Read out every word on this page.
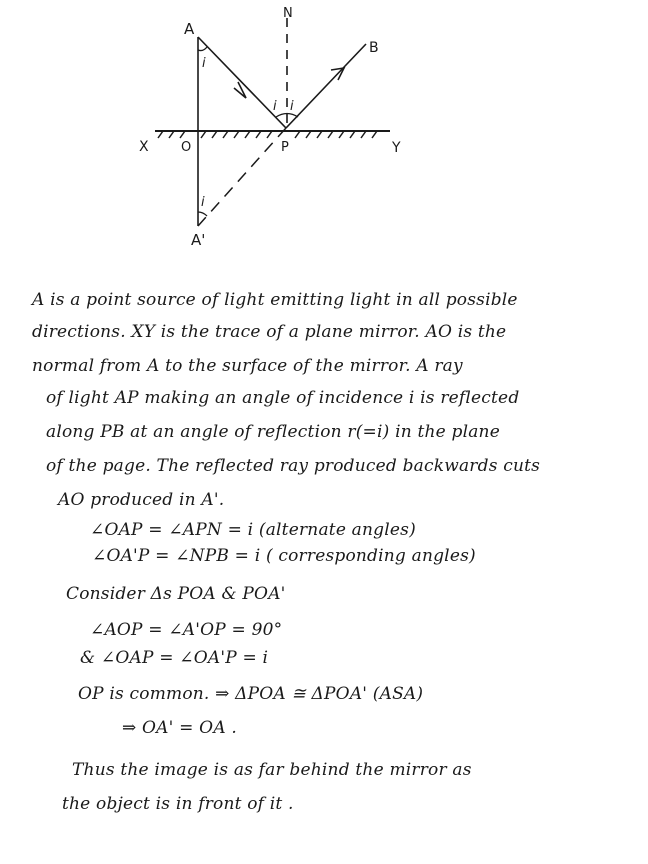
A
N
B
X O	P	Y
A'
i
i i
i
A is a point source of light emitting light in all possible
directions. XY is the trace of a plane mirror. AO is the
normal from A to the surface of the mirror. A ray
of light AP making an angle of incidence i is reflected
along PB at an angle of reflection r(=i) in the plane
of the page. The reflected ray produced backwards cuts
AO produced in A'.
∠OAP = ∠APN = i (alternate angles)
∠OA'P = ∠NPB = i ( corresponding angles)
Consider Δs POA & POA'
∠AOP = ∠A'OP = 90°
& ∠OAP = ∠OA'P = i
OP is common. ⇒ ΔPOA ≅ ΔPOA' (ASA)
⇒ OA' = OA .
Thus the image is as far behind the mirror as
the object is in front of it .
